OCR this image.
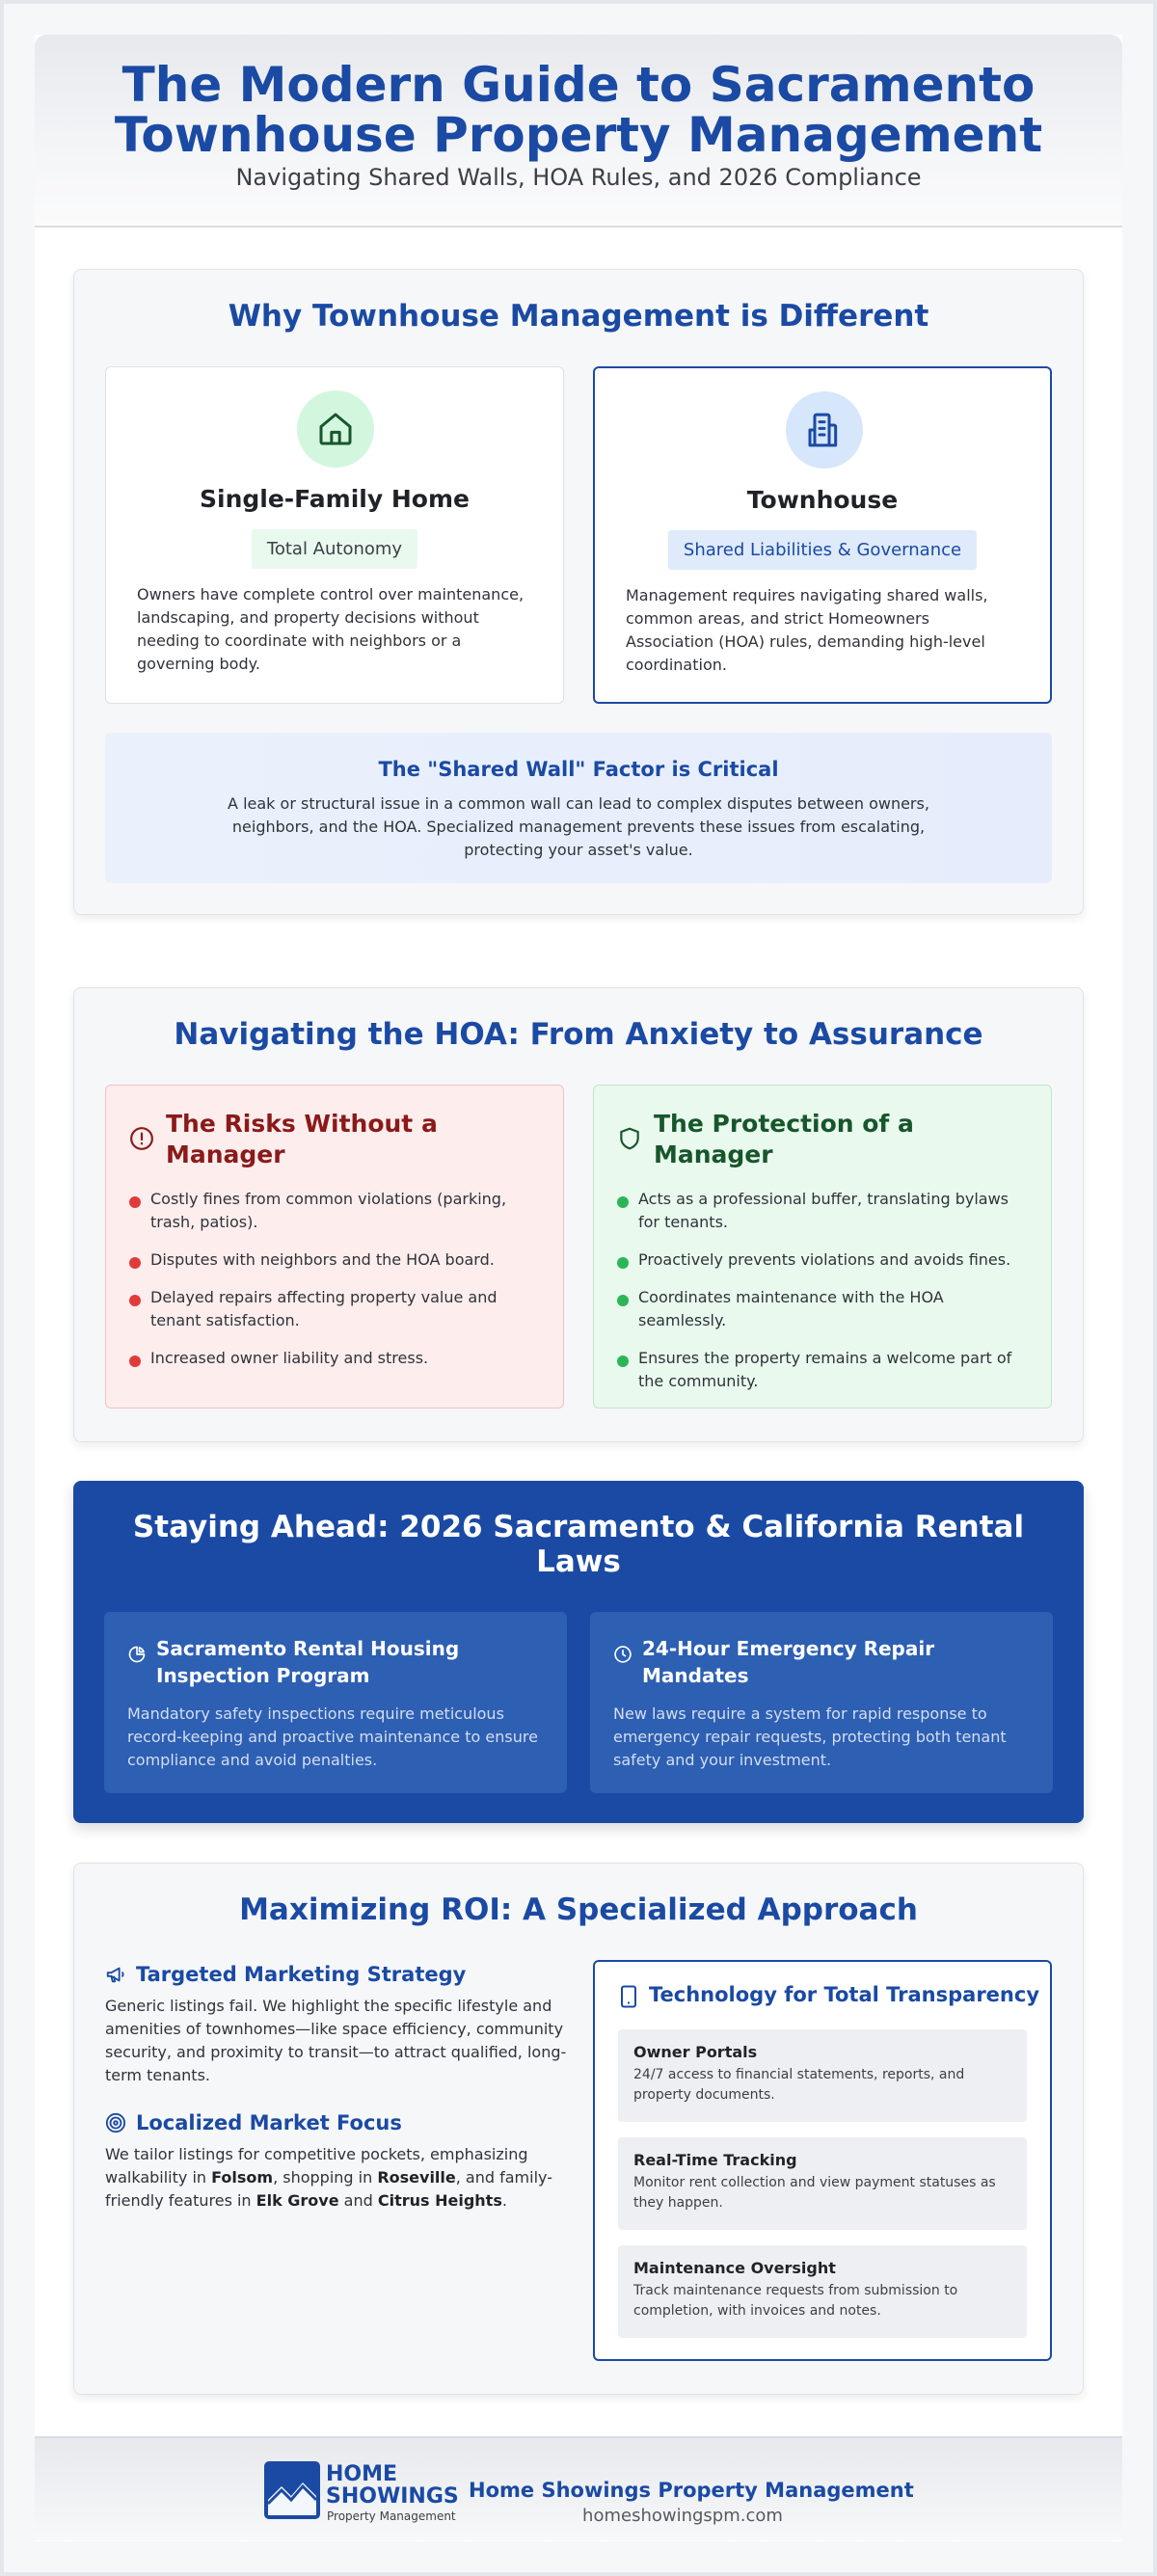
The Modern Guide to Sacramento Townhouse Property Management
Navigating Shared Walls, HOA Rules, and 2026 Compliance
Why Townhouse Management is Different
Single-Family Home
Total Autonomy

Owners have complete control over maintenance, landscaping, and property decisions without needing to coordinate with neighbors or a governing body.

Townhouse
Shared Liabilities & Governance

Management requires navigating shared walls, common areas, and strict Homeowners Association (HOA) rules, demanding high-level coordination.

The "Shared Wall" Factor is Critical

A leak or structural issue in a common wall can lead to complex disputes between owners, neighbors, and the HOA. Specialized management prevents these issues from escalating, protecting your asset's value.

Navigating the HOA: From Anxiety to Assurance
The Risks Without a Manager
Costly fines from common violations (parking, trash, patios).
Disputes with neighbors and the HOA board.
Delayed repairs affecting property value and tenant satisfaction.
Increased owner liability and stress.
The Protection of a Manager
Acts as a professional buffer, translating bylaws for tenants.
Proactively prevents violations and avoids fines.
Coordinates maintenance with the HOA seamlessly.
Ensures the property remains a welcome part of the community.
Staying Ahead: 2026 Sacramento & California Rental Laws
Sacramento Rental Housing Inspection Program

Mandatory safety inspections require meticulous record-keeping and proactive maintenance to ensure compliance and avoid penalties.

24-Hour Emergency Repair Mandates

New laws require a system for rapid response to emergency repair requests, protecting both tenant safety and your investment.

Maximizing ROI: A Specialized Approach
Targeted Marketing Strategy

Generic listings fail. We highlight the specific lifestyle and amenities of townhomes—like space efficiency, community security, and proximity to transit—to attract qualified, long-term tenants.

Localized Market Focus

We tailor listings for competitive pockets, emphasizing walkability in Folsom, shopping in Roseville, and family-friendly features in Elk Grove and Citrus Heights.

Technology for Total Transparency
Owner Portals
24/7 access to financial statements, reports, and property documents.
Real-Time Tracking
Monitor rent collection and view payment statuses as they happen.
Maintenance Oversight
Track maintenance requests from submission to completion, with invoices and notes.
HOME
SHOWINGS
Property Management
Home Showings Property Management
homeshowingspm.com
